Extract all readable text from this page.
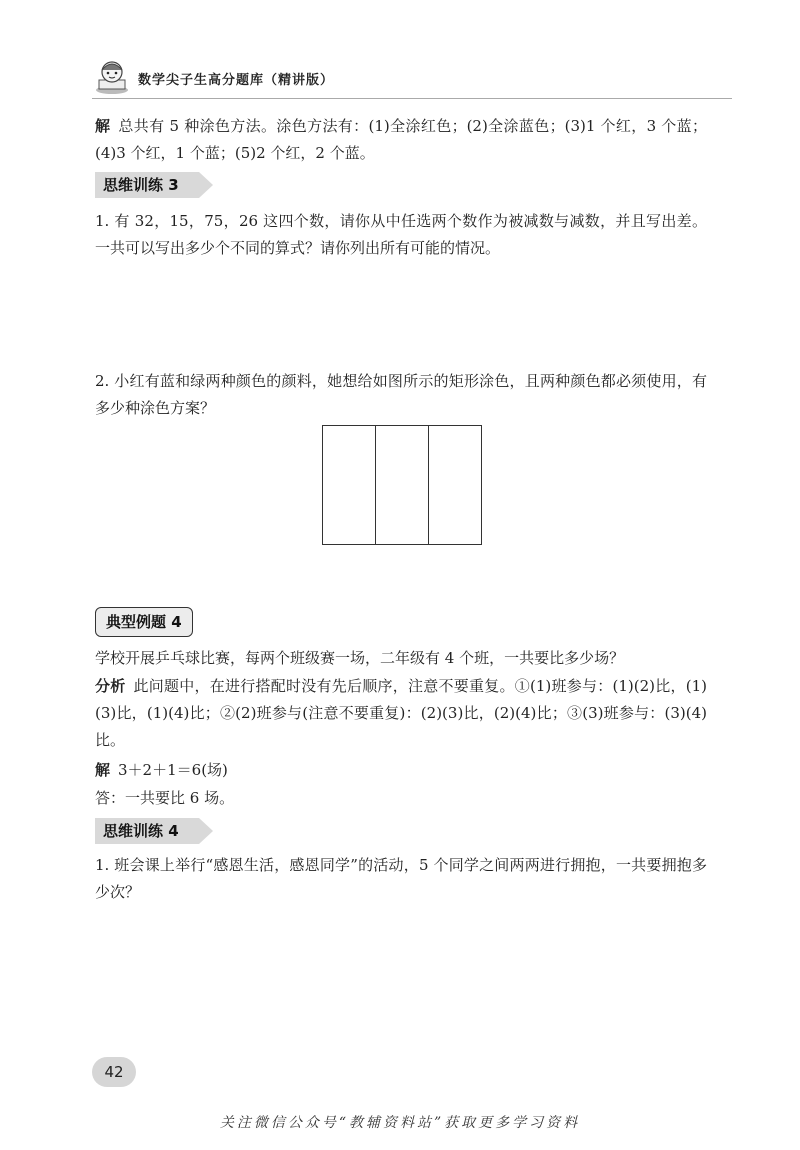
数学尖子生高分题库（精讲版）
解 总共有 5 种涂色方法。涂色方法有：(1)全涂红色；(2)全涂蓝色；(3)1 个红，3 个蓝；(4)3 个红，1 个蓝；(5)2 个红，2 个蓝。
思维训练 3
1. 有 32，15，75，26 这四个数，请你从中任选两个数作为被减数与减数，并且写出差。一共可以写出多少个不同的算式？请你列出所有可能的情况。
2. 小红有蓝和绿两种颜色的颜料，她想给如图所示的矩形涂色，且两种颜色都必须使用，有多少种涂色方案？
典型例题 4
学校开展乒乓球比赛，每两个班级赛一场，二年级有 4 个班，一共要比多少场？
分析 此问题中，在进行搭配时没有先后顺序，注意不要重复。①(1)班参与：(1)(2)比，(1)(3)比，(1)(4)比；②(2)班参与(注意不要重复)：(2)(3)比，(2)(4)比；③(3)班参与：(3)(4)比。
解 3＋2＋1＝6(场)
答：一共要比 6 场。
思维训练 4
1. 班会课上举行“感恩生活，感恩同学”的活动，5 个同学之间两两进行拥抱，一共要拥抱多少次？
42
关注微信公众号“教辅资料站”获取更多学习资料
